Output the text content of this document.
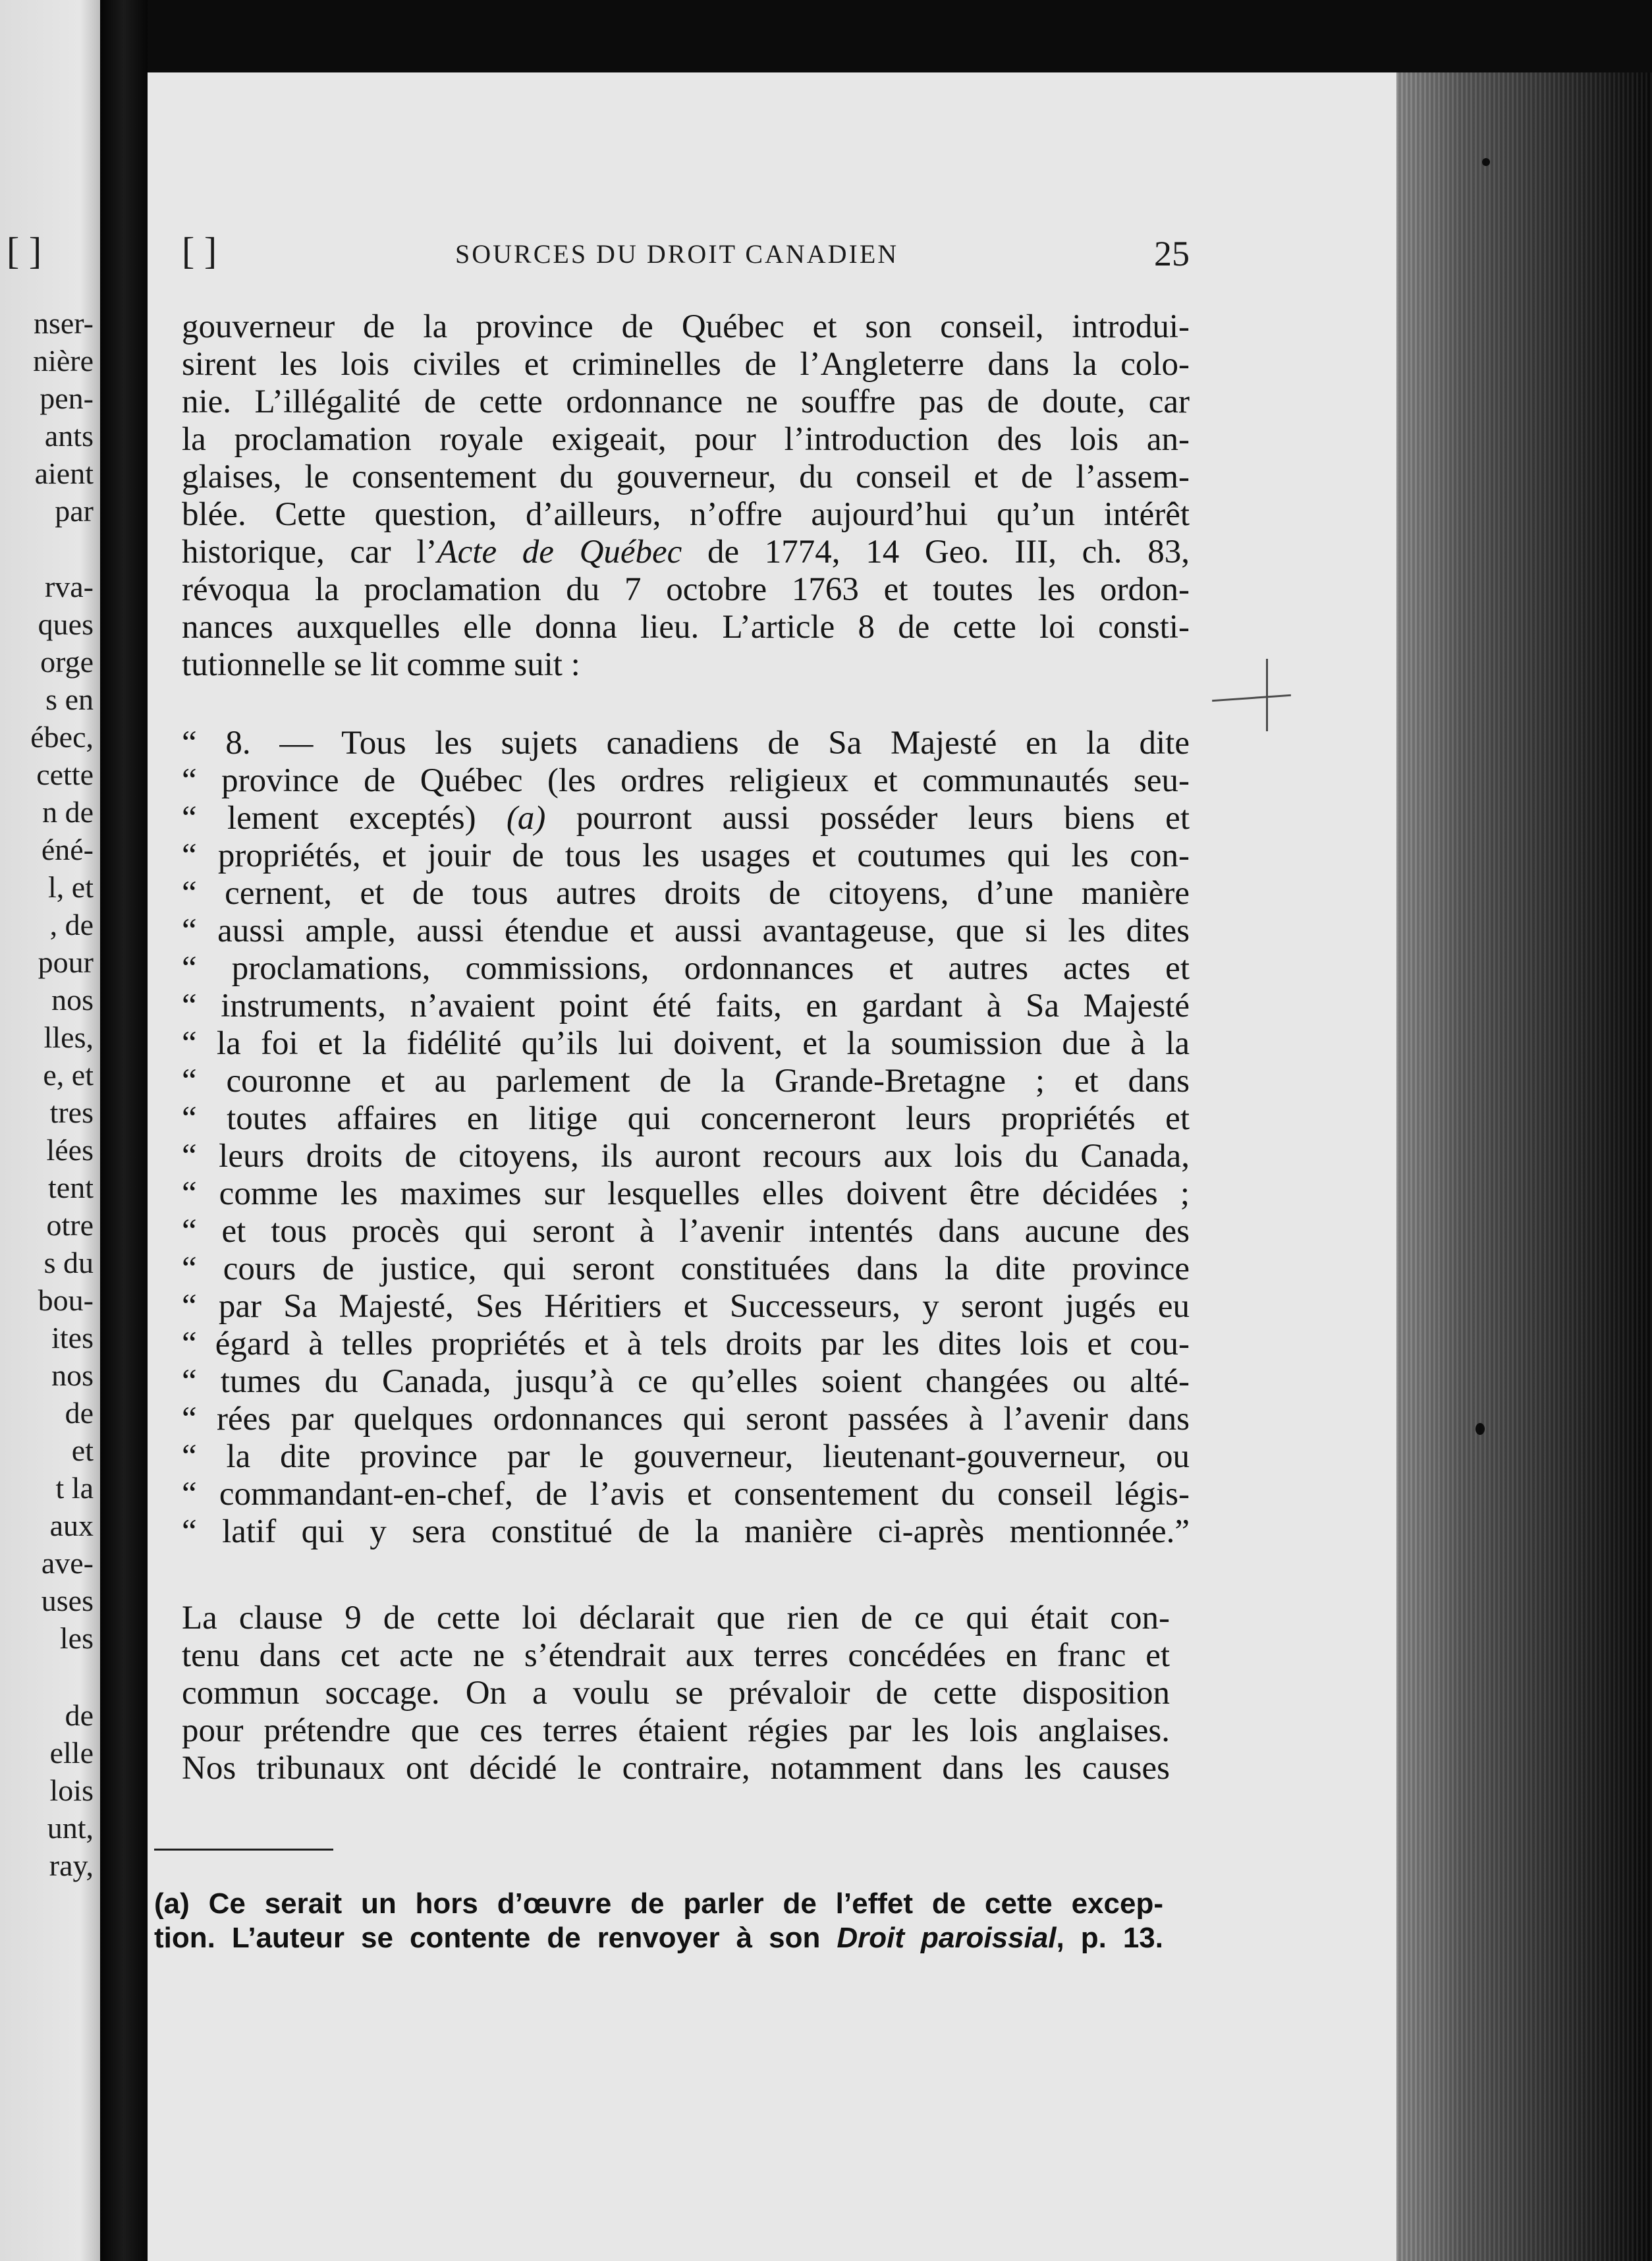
[ ]
nser-
nière
pen-
ants
aient
par
rva-
ques
orge
s en
ébec,
cette
n de
éné-
l, et
, de
pour
nos
lles,
e, et
tres
lées
tent
otre
s du
bou-
ites
nos
de
et
t la
aux
ave-
uses
les
de
elle
lois
unt,
ray,
[ ]	SOURCES DU DROIT CANADIEN	25
gouverneur de la province de Québec et son conseil, introdui-
sirent les lois civiles et criminelles de l’Angleterre dans la colo-
nie. L’illégalité de cette ordonnance ne souffre pas de doute, car
la proclamation royale exigeait, pour l’introduction des lois an-
glaises, le consentement du gouverneur, du conseil et de l’assem-
blée. Cette question, d’ailleurs, n’offre aujourd’hui qu’un intérêt
historique, car l’Acte de Québec de 1774, 14 Geo. III, ch. 83,
révoqua la proclamation du 7 octobre 1763 et toutes les ordon-
nances auxquelles elle donna lieu. L’article 8 de cette loi consti-
tutionnelle se lit comme suit :
“ 8. — Tous les sujets canadiens de Sa Majesté en la dite
“ province de Québec (les ordres religieux et communautés seu-
“ lement exceptés) (a) pourront aussi posséder leurs biens et
“ propriétés, et jouir de tous les usages et coutumes qui les con-
“ cernent, et de tous autres droits de citoyens, d’une manière
“ aussi ample, aussi étendue et aussi avantageuse, que si les dites
“ proclamations, commissions, ordonnances et autres actes et
“ instruments, n’avaient point été faits, en gardant à Sa Majesté
“ la foi et la fidélité qu’ils lui doivent, et la soumission due à la
“ couronne et au parlement de la Grande-Bretagne ; et dans
“ toutes affaires en litige qui concerneront leurs propriétés et
“ leurs droits de citoyens, ils auront recours aux lois du Canada,
“ comme les maximes sur lesquelles elles doivent être décidées ;
“ et tous procès qui seront à l’avenir intentés dans aucune des
“ cours de justice, qui seront constituées dans la dite province
“ par Sa Majesté, Ses Héritiers et Successeurs, y seront jugés eu
“ égard à telles propriétés et à tels droits par les dites lois et cou-
“ tumes du Canada, jusqu’à ce qu’elles soient changées ou alté-
“ rées par quelques ordonnances qui seront passées à l’avenir dans
“ la dite province par le gouverneur, lieutenant-gouverneur, ou
“ commandant-en-chef, de l’avis et consentement du conseil légis-
“ latif qui y sera constitué de la manière ci-après mentionnée.”
La clause 9 de cette loi déclarait que rien de ce qui était con-
tenu dans cet acte ne s’étendrait aux terres concédées en franc et
commun soccage. On a voulu se prévaloir de cette disposition
pour prétendre que ces terres étaient régies par les lois anglaises.
Nos tribunaux ont décidé le contraire, notamment dans les causes
(a) Ce serait un hors d’œuvre de parler de l’effet de cette excep-
tion. L’auteur se contente de renvoyer à son Droit paroissial, p. 13.
